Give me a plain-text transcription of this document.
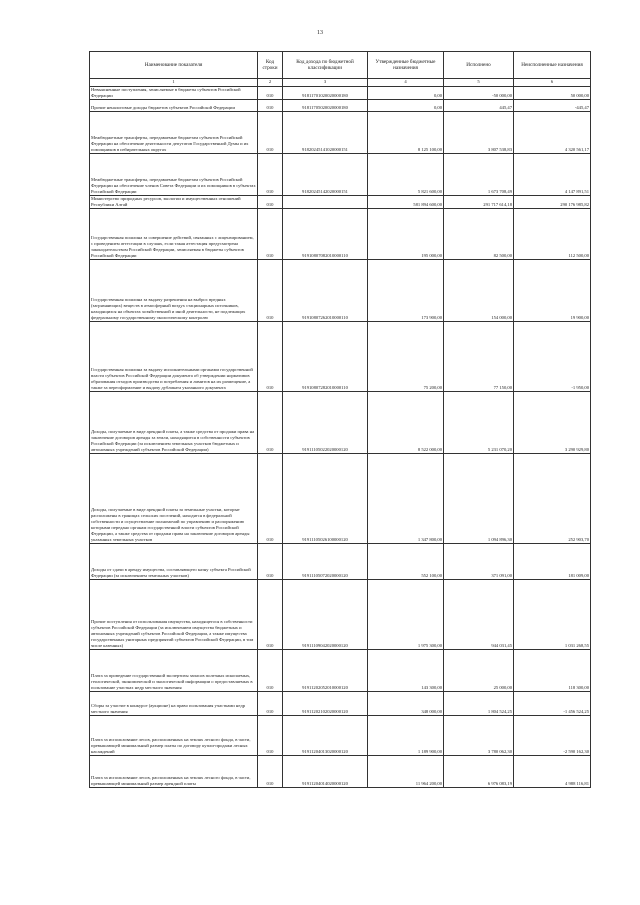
13
Наименование показателя	Код строки	Код дохода по бюджетной классификации	Утвержденные бюджетные назначения	Исполнено	Неисполненные назначения
1	2	3	4	5	6
Невыясненные поступления, зачисляемые в бюджеты субъектов Российской Федерации	010	91811701020020000180	0,00	-50 000,00	50 000,00
Прочие неналоговые доходы бюджетов субъектов Российской Федерации	010	91811705020020000180	0,00	445,47	-445,47
Межбюджетные трансферты, передаваемые бюджетам субъектов Российской Федерации на обеспечение деятельности депутатов Государственной Думы и их помощников в избирательных округах	010	91820245141020000151	8 125 100,00	3 807 538,83	4 320 561,17
Межбюджетные трансферты, передаваемые бюджетам субъектов Российской Федерации на обеспечение членов Совета Федерации и их помощников в субъектах Российской Федерации	010	91820245142020000151	5 821 600,00	1 673 708,49	4 147 891,51
Министерство природных ресурсов, экологии и имущественных отношений Республики Алтай	010		581 894 600,00	291 717 614,18	290 176 985,82
Государственная пошлина за совершение действий, связанных с лицензированием, с проведением аттестации в случаях, если такая аттестация предусмотрена законодательством Российской Федерации, зачисляемая в бюджеты субъектов Российской Федерации	010	91910807082010000110	195 000,00	82 500,00	112 500,00
Государственная пошлина за выдачу разрешения на выброс вредных (загрязняющих) веществ в атмосферный воздух стационарных источников, находящихся на объектах хозяйственной и иной деятельности, не подлежащих федеральному государственному экологическому контролю	010	91910807262010000110	173 900,00	154 000,00	19 900,00
Государственная пошлина за выдачу исполнительными органами государственной власти субъектов Российской Федерации документа об утверждении нормативов образования отходов производства и потребления и лимитов на их размещение, а также за переоформление и выдачу дубликата указанного документа	010	91910807282010000110	75 200,00	77 150,00	-1 950,00
Доходы, получаемые в виде арендной платы, а также средства от продажи права на заключение договоров аренды за земли, находящиеся в собственности субъектов Российской Федерации (за исключением земельных участков бюджетных и автономных учреждений субъектов Российской Федерации)	010	91911105022020000120	8 522 000,00	5 231 070,20	3 290 929,80
Доходы, получаемые в виде арендной платы за земельные участки, которые расположены в границах сельских поселений, находятся в федеральной собственности и осуществление полномочий по управлению и распоряжению которыми передано органам государственной власти субъектов Российской Федерации, а также средства от продажи права на заключение договоров аренды указанных земельных участков	010	91911105026100000120	1 347 800,00	1 094 896,30	252 903,70
Доходы от сдачи в аренду имущества, составляющего казну субъекта Российской Федерации (за исключением земельных участков)	010	91911105072020000120	552 100,00	371 091,00	181 009,00
Прочие поступления от использования имущества, находящегося в собственности субъектов Российской Федерации (за исключением имущества бюджетных и автономных учреждений субъектов Российской Федерации, а также имущества государственных унитарных предприятий субъектов Российской Федерации, в том числе казенных)	010	91911109042020000120	1 975 300,00	944 031,45	1 031 268,55
Плата за проведение государственной экспертизы запасов полезных ископаемых, геологической, экономической и экологической информации о предоставляемых в пользование участках недр местного значения	010	91911202052010000120	143 300,00	25 000,00	118 300,00
Сборы за участие в конкурсе (аукционе) на право пользования участками недр местного значения	010	91911202102020000120	348 000,00	1 804 524,25	-1 456 524,25
Плата за использование лесов, расположенных на землях лесного фонда, в части, превышающей минимальный размер платы по договору купли-продажи лесных насаждений	010	91911204013020000120	1 189 900,00	3 780 062,30	-2 590 162,30
Плата за использование лесов, расположенных на землях лесного фонда, в части, превышающей минимальный размер арендной платы	010	91911204014020000120	11 964 200,00	6 976 083,19	4 988 116,81
